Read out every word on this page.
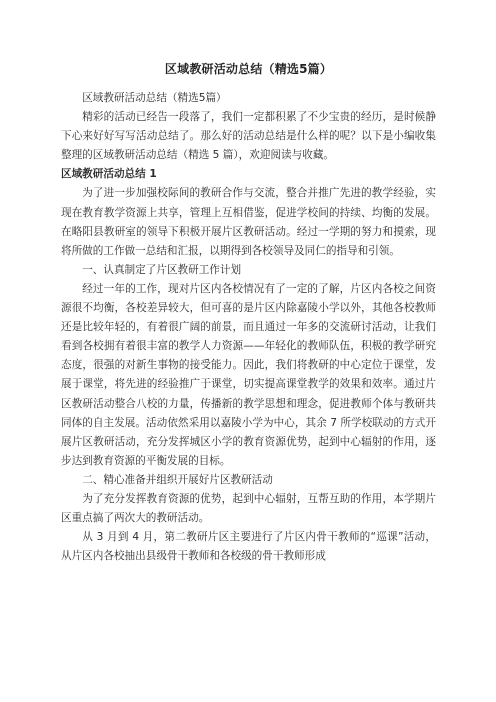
区域教研活动总结（精选5篇）

区域教研活动总结（精选5篇）

精彩的活动已经告一段落了，我们一定都积累了不少宝贵的经历，是时候静下心来好好写写活动总结了。那么好的活动总结是什么样的呢？以下是小编收集整理的区域教研活动总结（精选 5 篇），欢迎阅读与收藏。

区域教研活动总结 1

为了进一步加强校际间的教研合作与交流，整合并推广先进的教学经验，实现在教育教学资源上共享，管理上互相借鉴，促进学校间的持续、均衡的发展。在略阳县教研室的领导下积极开展片区教研活动。经过一学期的努力和摸索，现将所做的工作做一总结和汇报，以期得到各校领导及同仁的指导和引领。

一、认真制定了片区教研工作计划

经过一年的工作，现对片区内各校情况有了一定的了解，片区内各校之间资源很不均衡，各校差异较大，但可喜的是片区内除嘉陵小学以外，其他各校教师还是比较年轻的，有着很广阔的前景，而且通过一年多的交流研讨活动，让我们看到各校拥有着很丰富的教学人力资源——年轻化的教师队伍，积极的教学研究态度，很强的对新生事物的接受能力。因此，我们将教研的中心定位于课堂，发展于课堂，将先进的经验推广于课堂，切实提高课堂教学的效果和效率。通过片区教研活动整合八校的力量，传播新的教学思想和理念，促进教师个体与教研共同体的自主发展。活动依然采用以嘉陵小学为中心，其余 7 所学校联动的方式开展片区教研活动，充分发挥城区小学的教育资源优势，起到中心辐射的作用，逐步达到教育资源的平衡发展的目标。

二、精心准备并组织开展好片区教研活动

为了充分发挥教育资源的优势，起到中心辐射，互帮互助的作用，本学期片区重点搞了两次大的教研活动。

从 3 月到 4 月，第二教研片区主要进行了片区内骨干教师的“巡课”活动，从片区内各校抽出县级骨干教师和各校级的骨干教师形成
